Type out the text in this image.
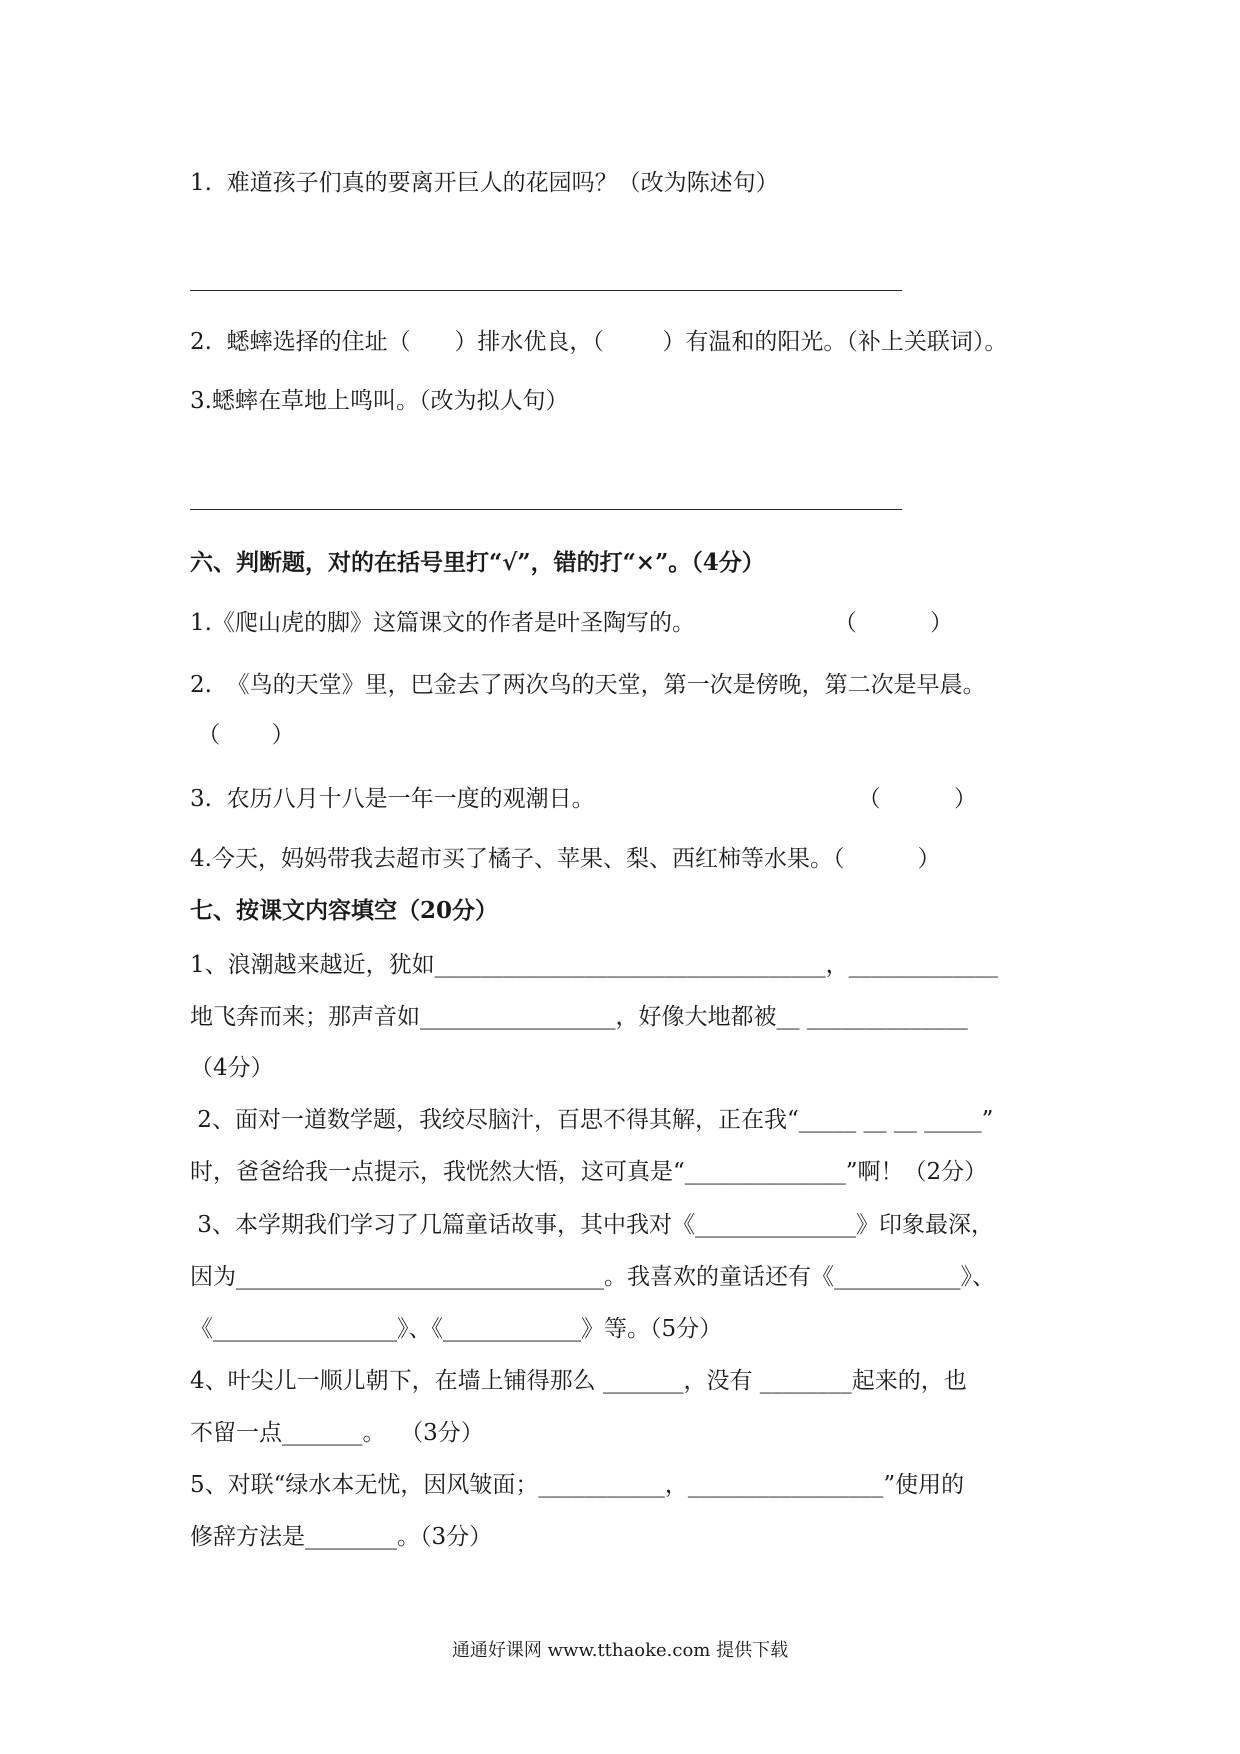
1.  难道孩子们真的要离开巨人的花园吗？（改为陈述句）
2.  蟋蟀选择的住址（      ）排水优良，（        ）有温和的阳光。（补上关联词）。
3.蟋蟀在草地上鸣叫。（改为拟人句）
六、判断题，对的在括号里打“√”，错的打“×”。（4分）
1.《爬山虎的脚》这篇课文的作者是叶圣陶写的。                   （          ）
2.  《鸟的天堂》里，巴金去了两次鸟的天堂，第一次是傍晚，第二次是早晨。
（       ）
3.  农历八月十八是一年一度的观潮日。                                    （          ）
4.今天，妈妈带我去超市买了橘子、苹果、梨、西红柿等水果。（          ）
七、按课文内容填空（20分）
1、浪潮越来越近，犹如__________________________________，_____________
地飞奔而来；那声音如_________________，好像大地都被__ ______________
（4分）
2、面对一道数学题，我绞尽脑汁，百思不得其解，正在我“_____ __ __ _____”
时，爸爸给我一点提示，我恍然大悟，这可真是“______________”啊！（2分）
3、本学期我们学习了几篇童话故事，其中我对《______________》印象最深，
因为________________________________。我喜欢的童话还有《___________》、
《________________》、《____________》等。（5分）
4、叶尖儿一顺儿朝下，在墙上铺得那么 _______，没有 ________起来的，也
不留一点_______。  （3分）
5、对联“绿水本无忧，因风皱面；___________，_________________”使用的
修辞方法是________。（3分）
通通好课网 www.tthaoke.com 提供下载
